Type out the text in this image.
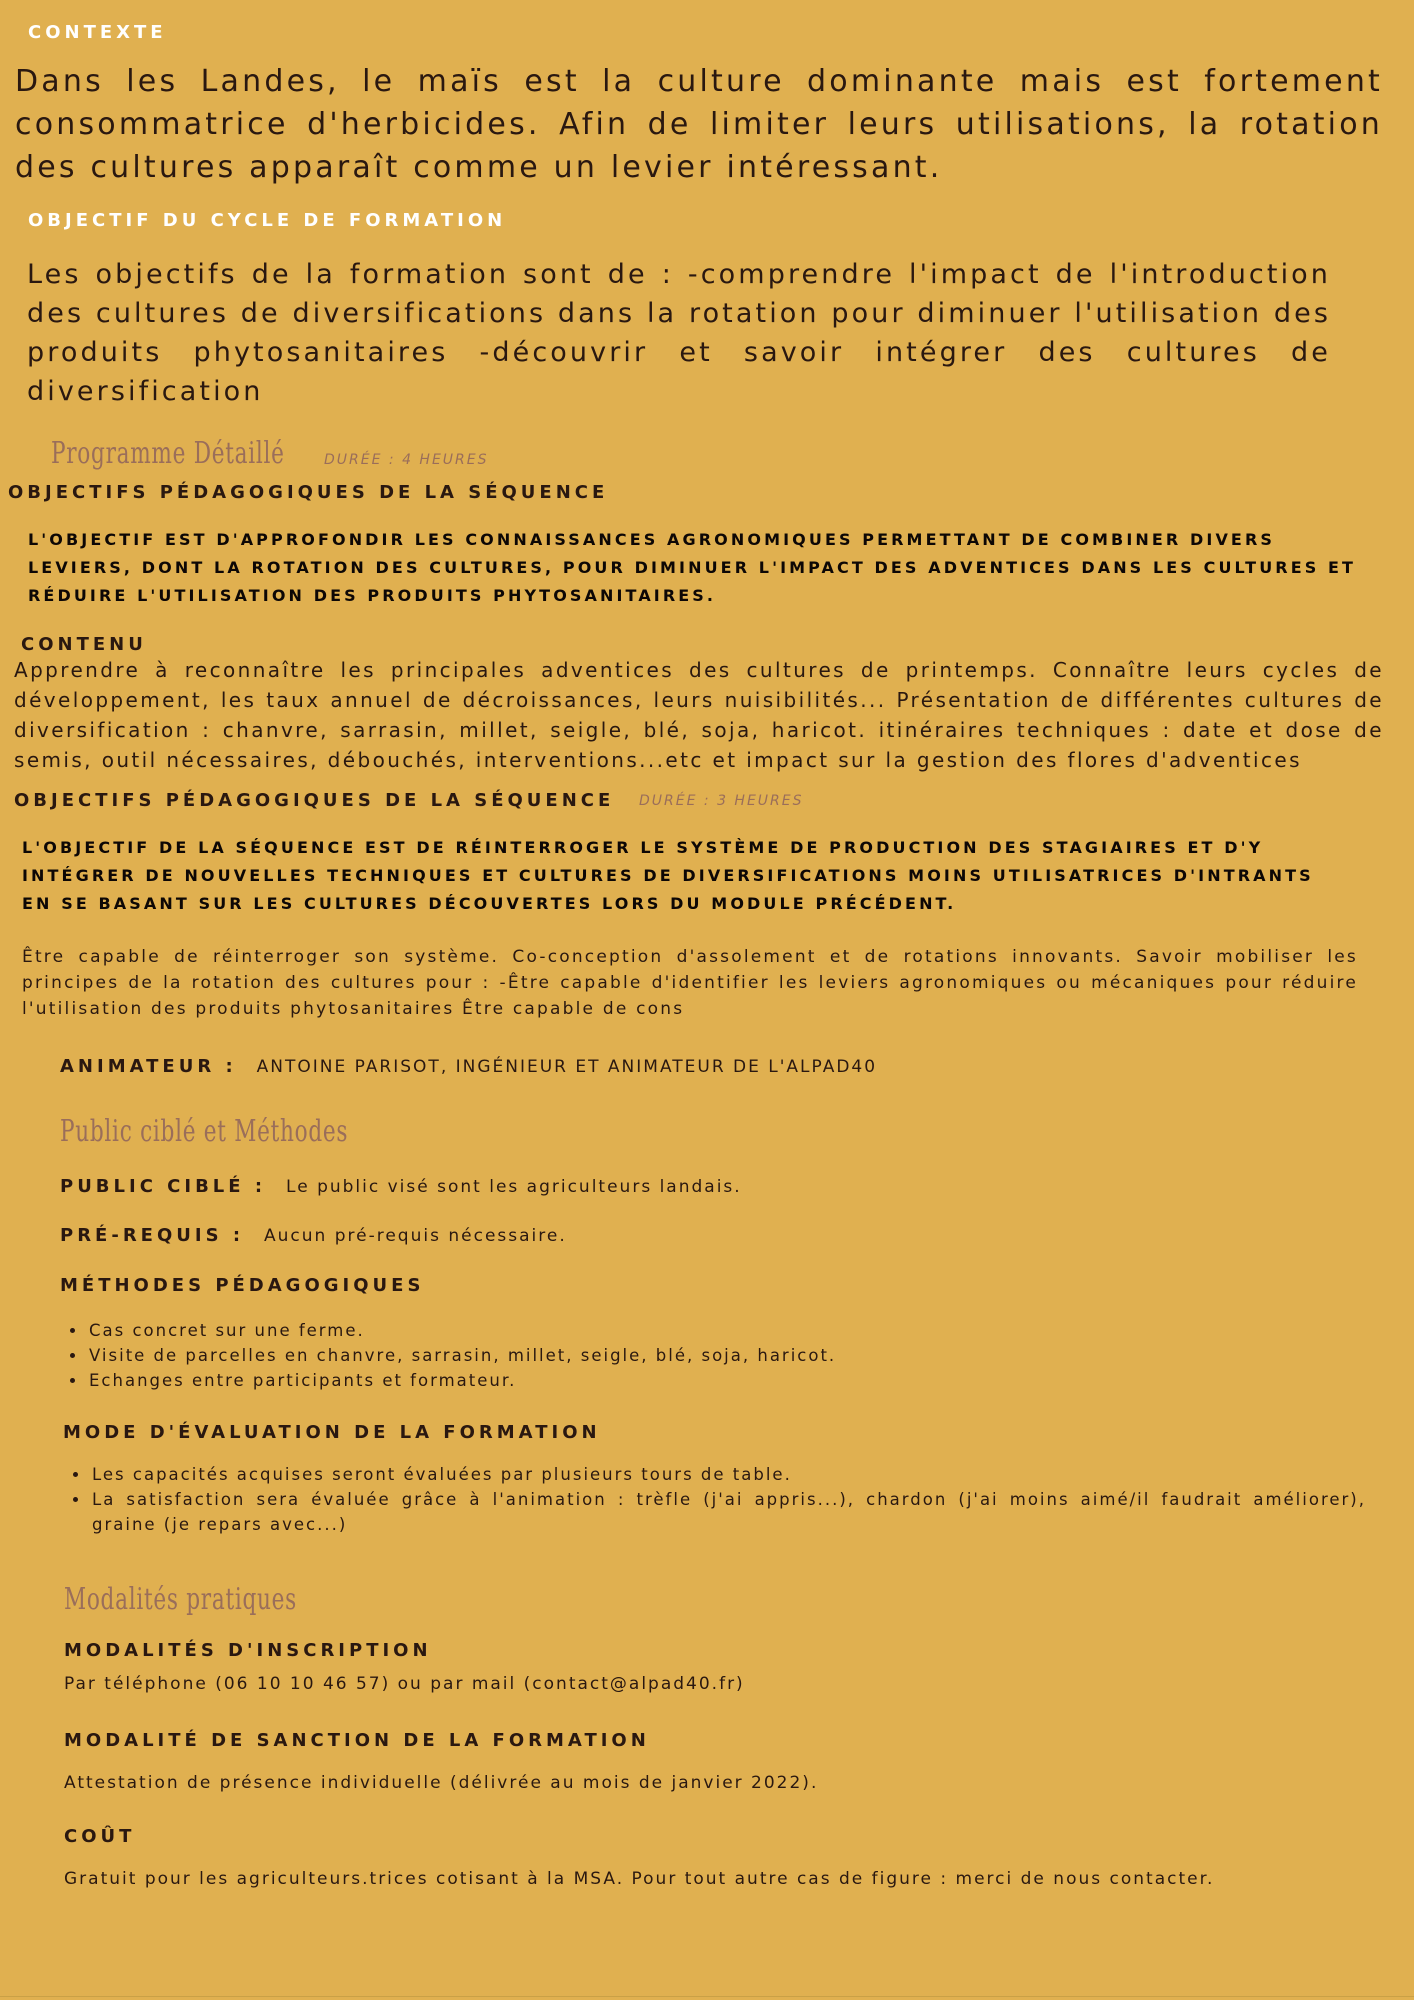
CONTEXTE
Dans les Landes, le maïs est la culture dominante mais est fortement consommatrice d'herbicides. Afin de limiter leurs utilisations, la rotation des cultures apparaît comme un levier intéressant.
OBJECTIF DU CYCLE DE FORMATION
Les objectifs de la formation sont de : -comprendre l'impact de l'introduction des cultures de diversifications dans la rotation pour diminuer l'utilisation des produits phytosanitaires -découvrir et savoir intégrer des cultures de diversification
Programme Détaillé	DURÉE : 4 HEURES
OBJECTIFS PÉDAGOGIQUES DE LA SÉQUENCE
L'OBJECTIF EST D'APPROFONDIR LES CONNAISSANCES AGRONOMIQUES PERMETTANT DE COMBINER DIVERS LEVIERS, DONT LA ROTATION DES CULTURES, POUR DIMINUER L'IMPACT DES ADVENTICES DANS LES CULTURES ET RÉDUIRE L'UTILISATION DES PRODUITS PHYTOSANITAIRES.
CONTENU
Apprendre à reconnaître les principales adventices des cultures de printemps. Connaître leurs cycles de développement, les taux annuel de décroissances, leurs nuisibilités... Présentation de différentes cultures de diversification : chanvre, sarrasin, millet, seigle, blé, soja, haricot. itinéraires techniques : date et dose de semis, outil nécessaires, débouchés, interventions...etc et impact sur la gestion des flores d'adventices
OBJECTIFS PÉDAGOGIQUES DE LA SÉQUENCE DURÉE : 3 HEURES
L'OBJECTIF DE LA SÉQUENCE EST DE RÉINTERROGER LE SYSTÈME DE PRODUCTION DES STAGIAIRES ET D'Y INTÉGRER DE NOUVELLES TECHNIQUES ET CULTURES DE DIVERSIFICATIONS MOINS UTILISATRICES D'INTRANTS EN SE BASANT SUR LES CULTURES DÉCOUVERTES LORS DU MODULE PRÉCÉDENT.
Être capable de réinterroger son système. Co-conception d'assolement et de rotations innovants. Savoir mobiliser les principes de la rotation des cultures pour : -Être capable d'identifier les leviers agronomiques ou mécaniques pour réduire l'utilisation des produits phytosanitaires Être capable de cons
ANIMATEUR : ANTOINE PARISOT, INGÉNIEUR ET ANIMATEUR DE L'ALPAD40
Public ciblé et Méthodes
PUBLIC CIBLÉ : Le public visé sont les agriculteurs landais.
PRÉ-REQUIS : Aucun pré-requis nécessaire.
MÉTHODES PÉDAGOGIQUES
• Cas concret sur une ferme.
• Visite de parcelles en chanvre, sarrasin, millet, seigle, blé, soja, haricot.
• Echanges entre participants et formateur.
MODE D'ÉVALUATION DE LA FORMATION
• Les capacités acquises seront évaluées par plusieurs tours de table.
• La satisfaction sera évaluée grâce à l'animation : trèfle (j'ai appris...), chardon (j'ai moins aimé/il faudrait améliorer), graine (je repars avec...)
Modalités pratiques
MODALITÉS D'INSCRIPTION
Par téléphone (06 10 10 46 57) ou par mail (contact@alpad40.fr)
MODALITÉ DE SANCTION DE LA FORMATION
Attestation de présence individuelle (délivrée au mois de janvier 2022).
COÛT
Gratuit pour les agriculteurs.trices cotisant à la MSA. Pour tout autre cas de figure : merci de nous contacter.
